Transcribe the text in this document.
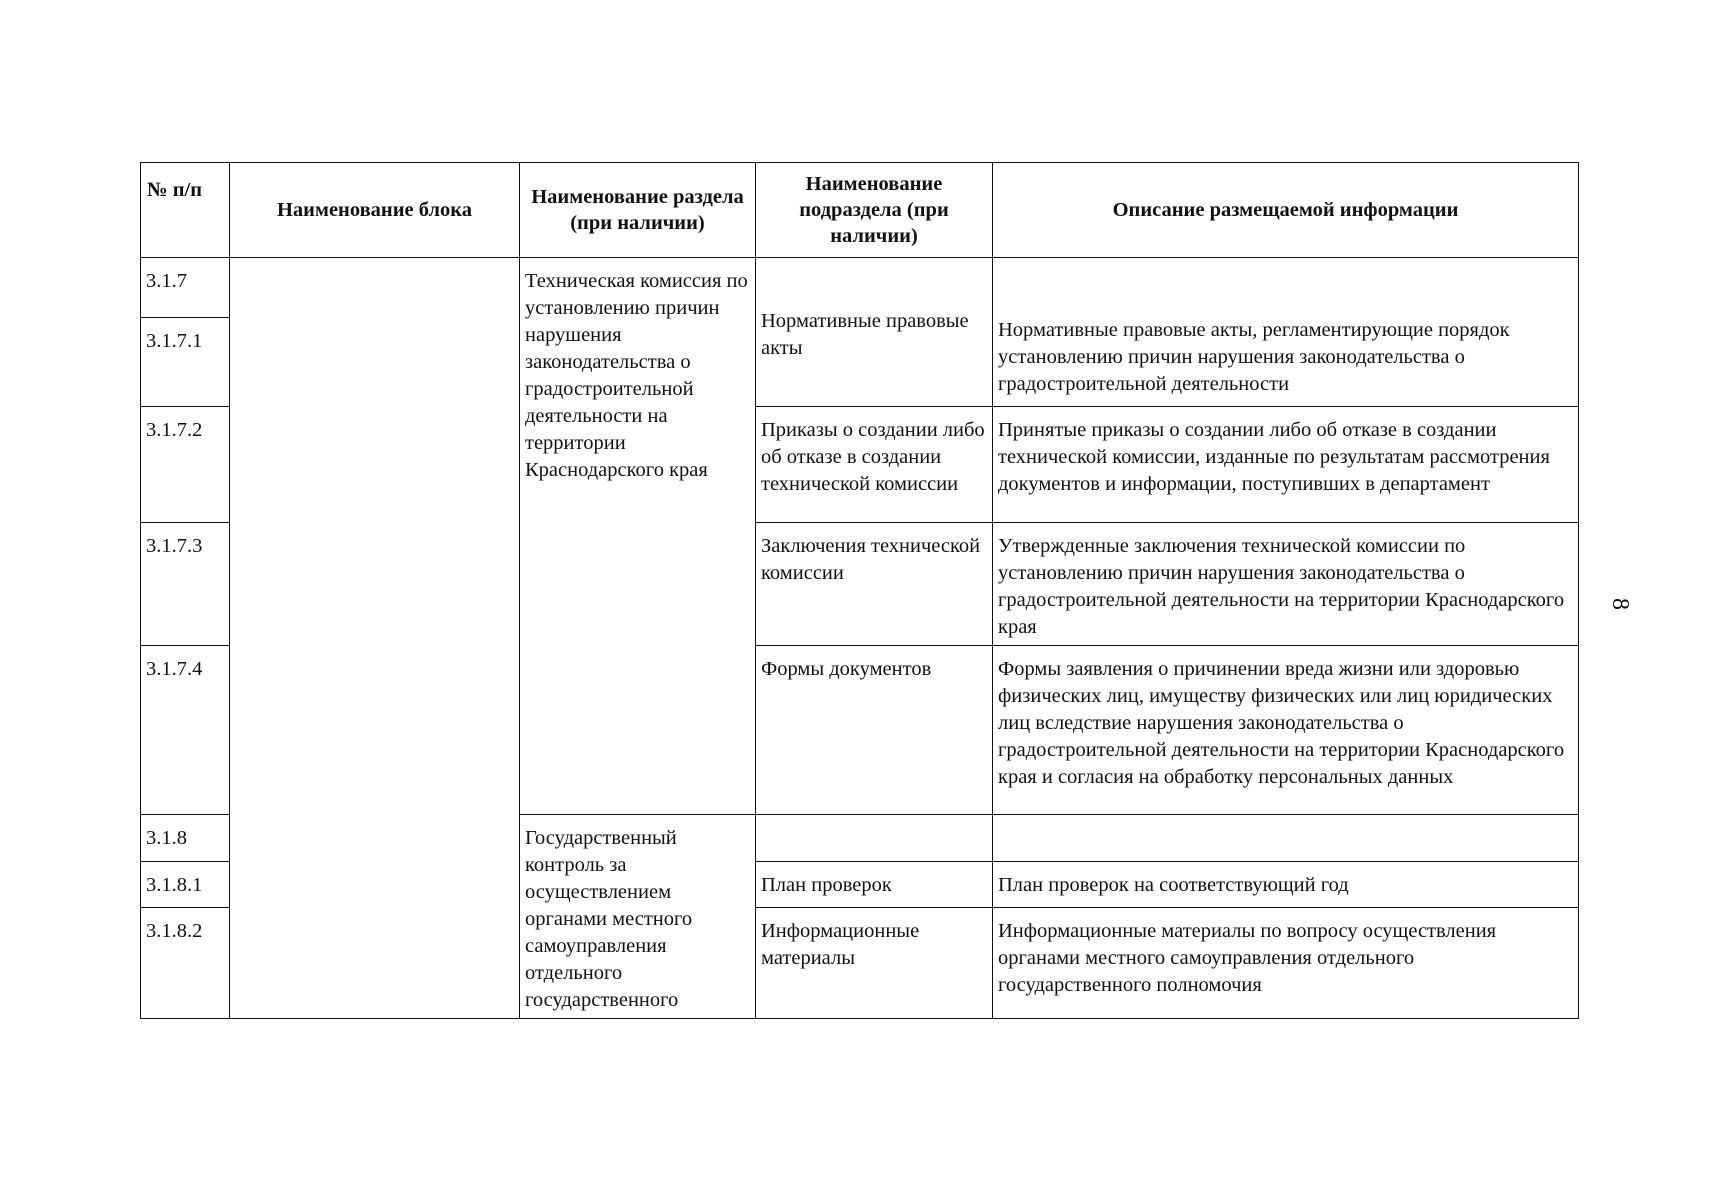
№ п/п	Наименование блока	Наименование раздела (при наличии)	Наименование подраздела (при наличии)	Описание размещаемой информации
3.1.7		Техническая комиссия по установлению причин нарушения законодательства о градостроительной деятельности на территории Краснодарского края	Нормативные правовые акты	Нормативные правовые акты, регламентирующие порядок установлению причин нарушения законодательства о градостроительной деятельности
3.1.7.1				
3.1.7.2			Приказы о создании либо об отказе в создании технической комиссии	Принятые приказы о создании либо об отказе в создании технической комиссии, изданные по результатам рассмотрения документов и информации, поступивших в департамент
3.1.7.3			Заключения технической комиссии	Утвержденные заключения технической комиссии по установлению причин нарушения законодательства о градостроительной деятельности на территории Краснодарского края
3.1.7.4			Формы документов	Формы заявления о причинении вреда жизни или здоровью физических лиц, имуществу физических или лиц юридических лиц вследствие нарушения законодательства о градостроительной деятельности на территории Краснодарского края и согласия на обработку персональных данных
3.1.8		Государственный контроль за осуществлением органами местного самоуправления отдельного государственного		
3.1.8.1			План проверок	План проверок на соответствующий год
3.1.8.2			Информационные материалы	Информационные материалы по вопросу осуществления органами местного самоуправления отдельного государственного полномочия
8
